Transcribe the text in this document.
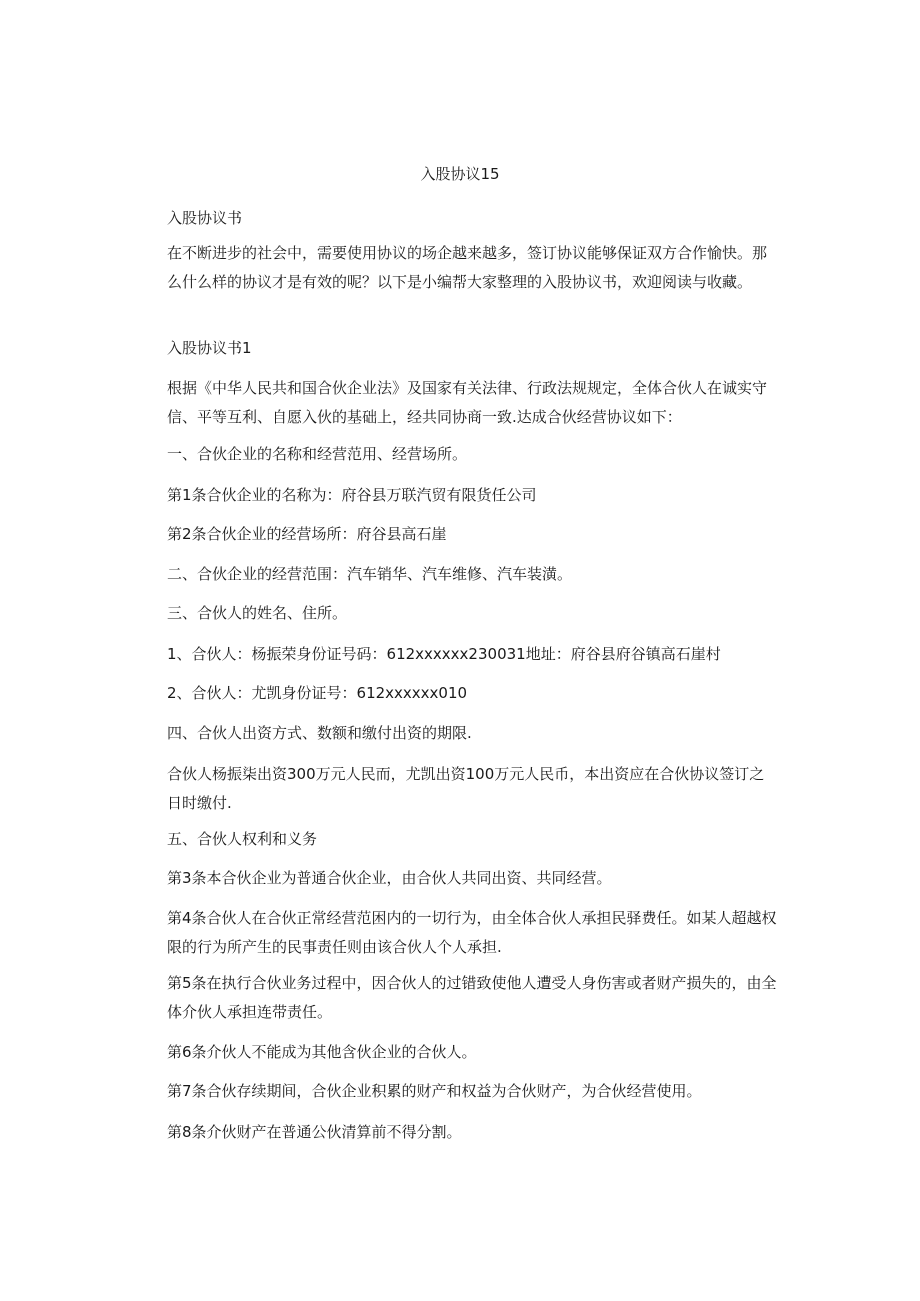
入股协议15

入股协议书

在不断进步的社会中，需要使用协议的场企越来越多，签订协议能够保证双方合作愉快。那么什么样的协议才是有效的呢？以下是小编帮大家整理的入股协议书，欢迎阅读与收藏。

入股协议书1

根据《中华人民共和国合伙企业法》及国家有关法律、行政法规规定，全体合伙人在诚实守信、平等互利、自愿入伙的基础上，经共同协商一致.达成合伙经营协议如下：

一、合伙企业的名称和经营范用、经营场所。

第1条合伙企业的名称为：府谷县万联汽贸有限货任公司

第2条合伙企业的经营场所：府谷县高石崖

二、合伙企业的经营范围：汽车销华、汽车维修、汽车装潢。

三、合伙人的姓名、住所。

1、合伙人：杨振荣身份证号码：612xxxxxx230031地址：府谷县府谷镇高石崖村

2、合伙人：尤凯身份证号：612xxxxxx010

四、合伙人出资方式、数额和缴付出资的期限.

合伙人杨振柒出资300万元人民而，尤凯出资100万元人民币，本出资应在合伙协议签订之日时缴付.

五、合伙人权利和义务

第3条本合伙企业为普通合伙企业，由合伙人共同出资、共同经营。

第4条合伙人在合伙正常经营范困内的一切行为，由全体合伙人承担民驿费任。如某人超越权限的行为所产生的民事责任则由该合伙人个人承担.

第5条在执行合伙业务过程中，因合伙人的过错致使他人遭受人身伤害或者财产损失的，由全体介伙人承担连带责任。

第6条介伙人不能成为其他含伙企业的合伙人。

第7条合伙存续期间，合伙企业积累的财产和权益为合伙财产，为合伙经营使用。

第8条介伙财产在普通公伙清算前不得分割。
